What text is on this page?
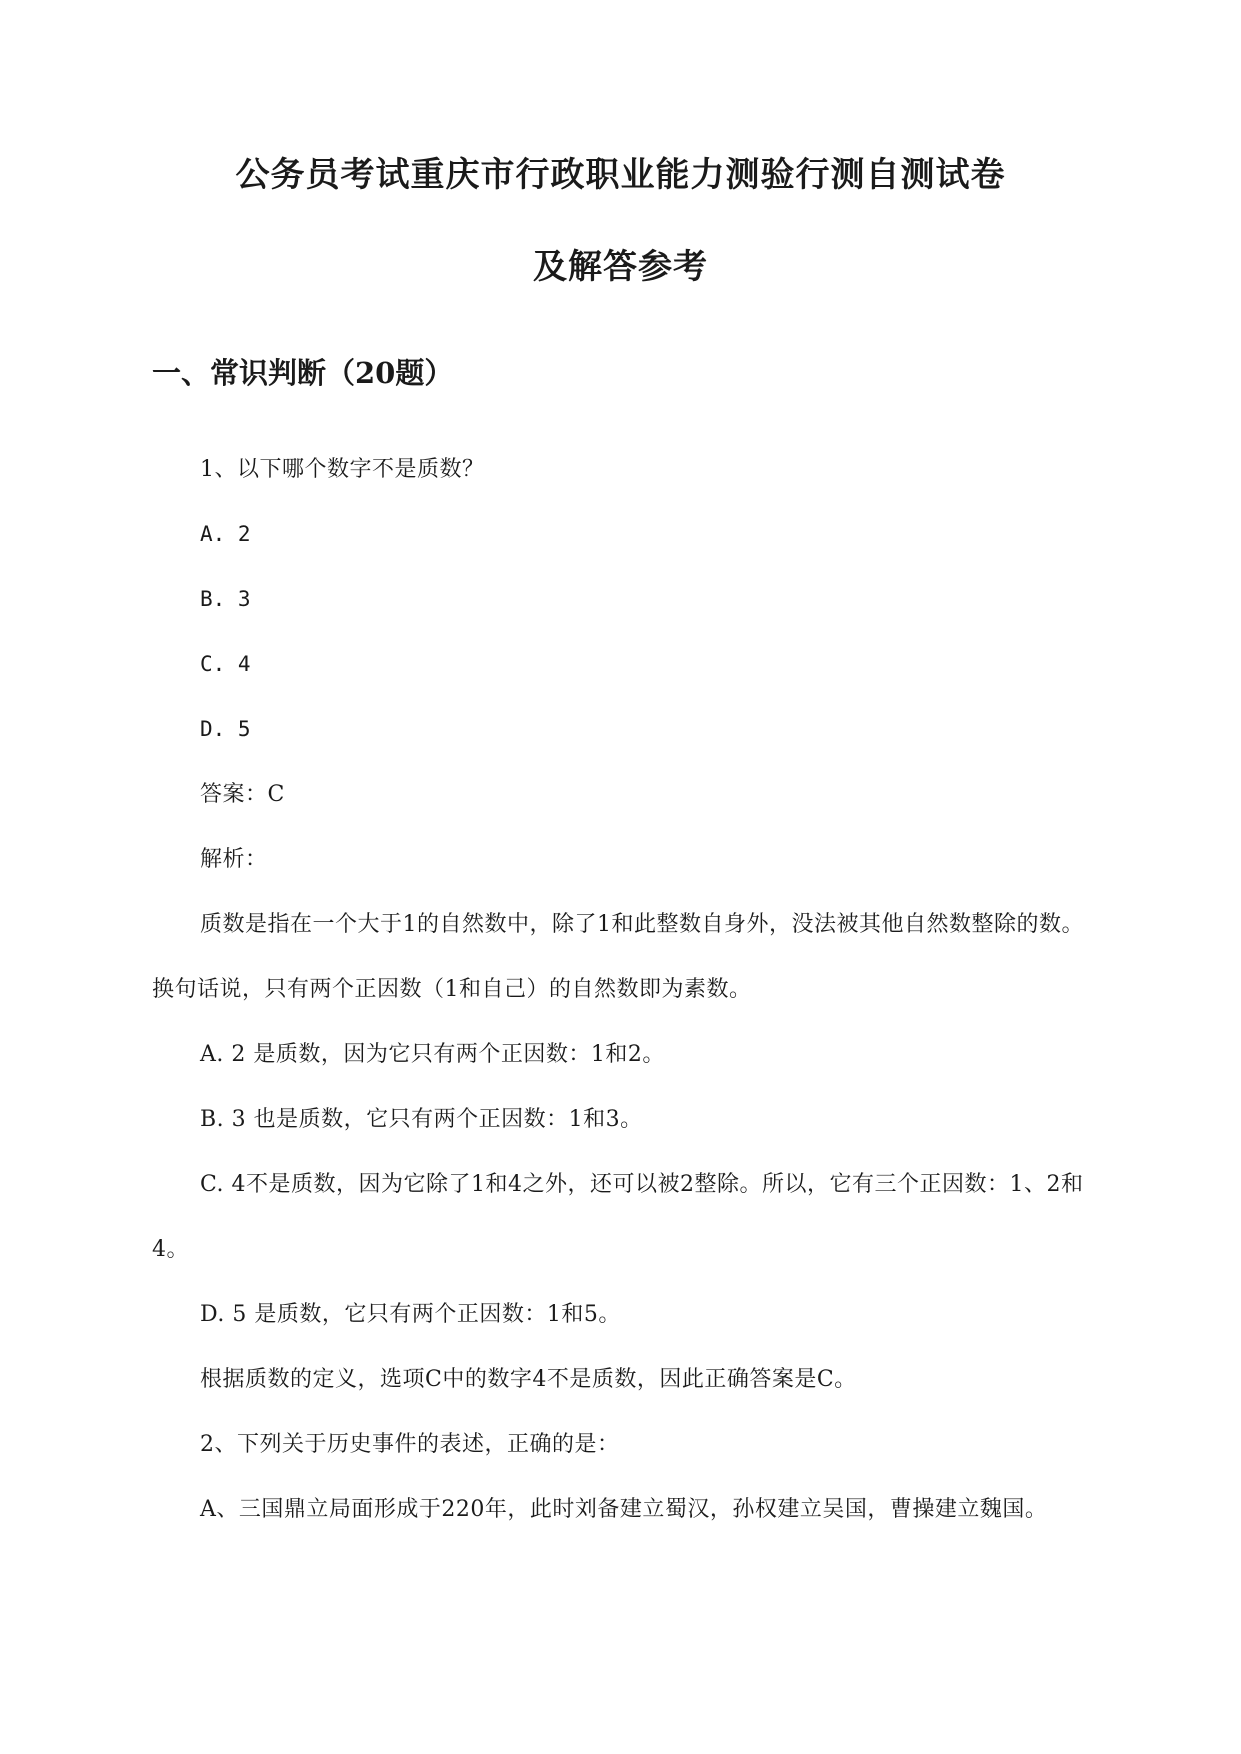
公务员考试重庆市行政职业能力测验行测自测试卷
及解答参考
一、常识判断（20题）

1、以下哪个数字不是质数？

A. 2

B. 3

C. 4

D. 5

答案：C

解析：

质数是指在一个大于1的自然数中，除了1和此整数自身外，没法被其他自然数整除的数。换句话说，只有两个正因数（1和自己）的自然数即为素数。

A. 2 是质数，因为它只有两个正因数：1和2。

B. 3 也是质数，它只有两个正因数：1和3。

C. 4不是质数，因为它除了1和4之外，还可以被2整除。所以，它有三个正因数：1、2和4。

D. 5 是质数，它只有两个正因数：1和5。

根据质数的定义，选项C中的数字4不是质数，因此正确答案是C。

2、下列关于历史事件的表述，正确的是：

A、三国鼎立局面形成于220年，此时刘备建立蜀汉，孙权建立吴国，曹操建立魏国。
